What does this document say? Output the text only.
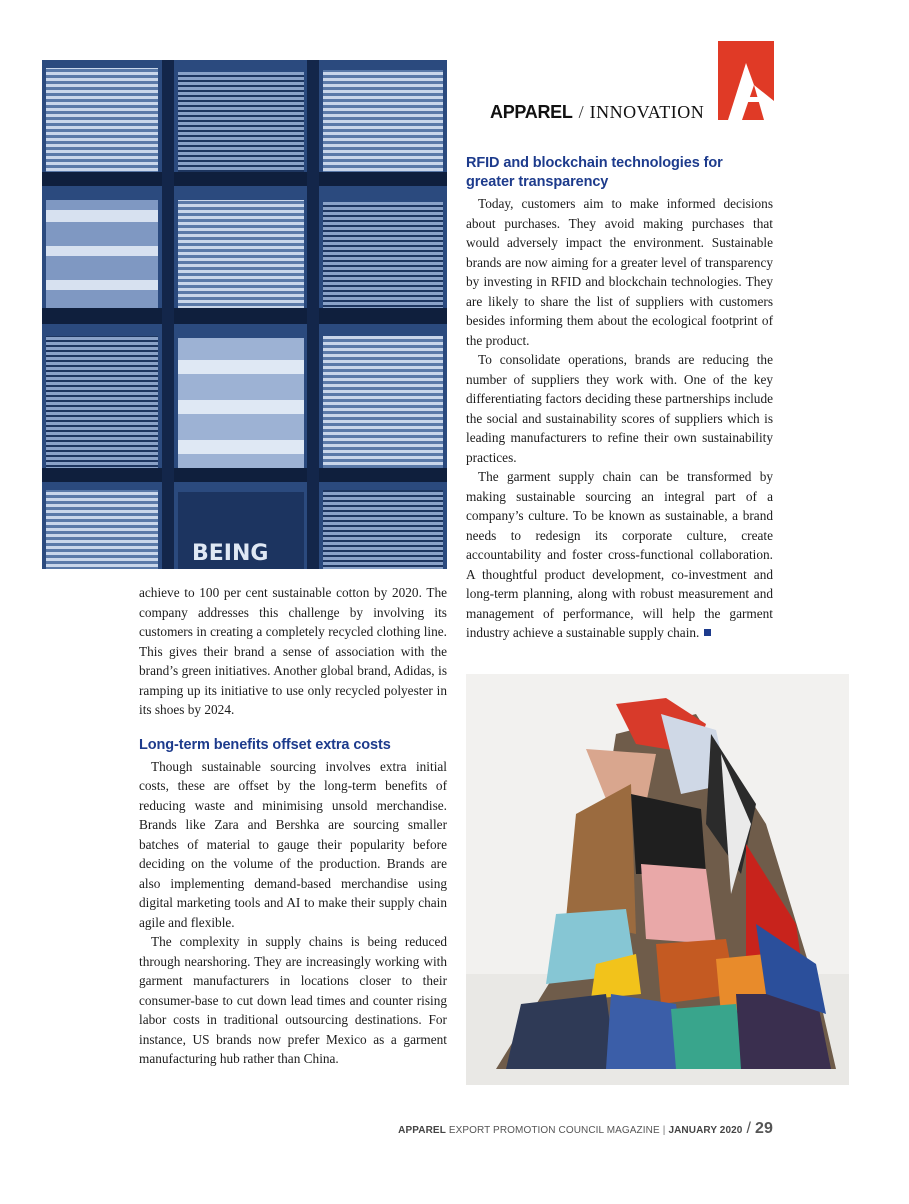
BEING
APPAREL / INNOVATION
RFID and blockchain technologies for greater transparency

Today, customers aim to make informed decisions about purchases. They avoid making purchases that would adversely impact the environment. Sustainable brands are now aiming for a greater level of transparency by investing in RFID and blockchain technologies. They are likely to share the list of suppliers with customers besides informing them about the ecological footprint of the product.

To consolidate operations, brands are reducing the number of suppliers they work with. One of the key differentiating factors deciding these partnerships include the social and sustainability scores of suppliers which is leading manufacturers to refine their own sustainability practices.

The garment supply chain can be transformed by making sustainable sourcing an integral part of a company’s culture. To be known as sustainable, a brand needs to redesign its corporate culture, create accountability and foster cross-functional collaboration. A thoughtful product development, co-investment and long-term planning, along with robust measurement and management of performance, will help the garment industry achieve a sustainable supply chain.

achieve to 100 per cent sustainable cotton by 2020. The company addresses this challenge by involving its customers in creating a completely recycled clothing line. This gives their brand a sense of association with the brand’s green initiatives. Another global brand, Adidas, is ramping up its initiative to use only recycled polyester in its shoes by 2024.

Long-term benefits offset extra costs

Though sustainable sourcing involves extra initial costs, these are offset by the long-term benefits of reducing waste and minimising unsold merchandise. Brands like Zara and Bershka are sourcing smaller batches of material to gauge their popularity before deciding on the volume of the production. Brands are also implementing demand-based merchandise using digital marketing tools and AI to make their supply chain agile and flexible.

The complexity in supply chains is being reduced through nearshoring. They are increasingly working with garment manufacturers in locations closer to their consumer-base to cut down lead times and counter rising labor costs in traditional outsourcing destinations. For instance, US brands now prefer Mexico as a garment manufacturing hub rather than China.

APPAREL EXPORT PROMOTION COUNCIL MAGAZINE | JANUARY 2020 / 29
